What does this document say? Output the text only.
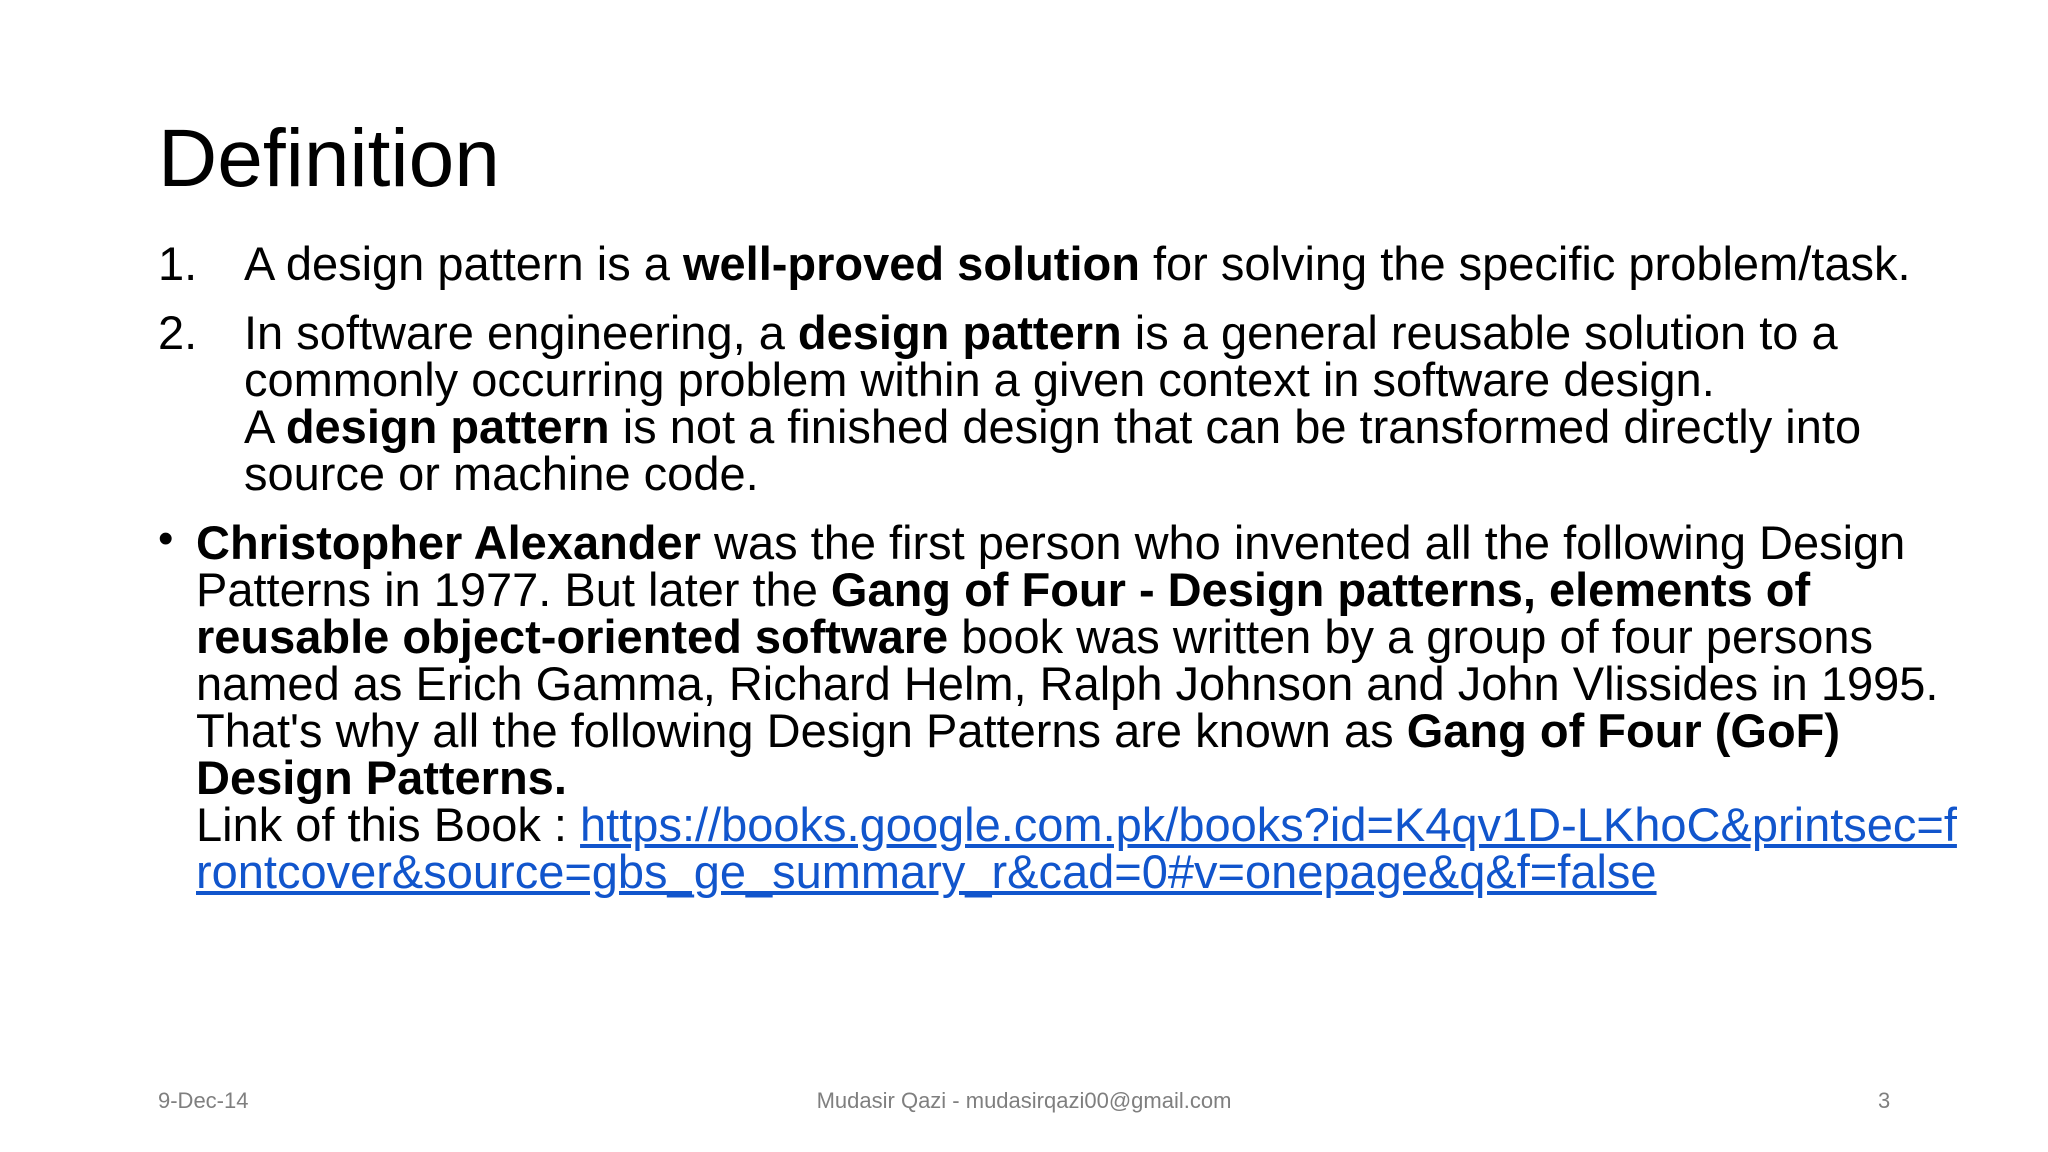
Definition
1. A design pattern is a well-proved solution for solving the specific problem/task.
2. In software engineering, a design pattern is a general reusable solution to a commonly occurring problem within a given context in software design.
A design pattern is not a finished design that can be transformed directly into source or machine code.
• Christopher Alexander was the first person who invented all the following Design Patterns in 1977. But later the Gang of Four - Design patterns, elements of reusable object-oriented software book was written by a group of four persons named as Erich Gamma, Richard Helm, Ralph Johnson and John Vlissides in 1995. That's why all the following Design Patterns are known as Gang of Four (GoF) Design Patterns.
Link of this Book : https://books.google.com.pk/books?id=K4qv1D-LKhoC&printsec=frontcover&source=gbs_ge_summary_r&cad=0#v=onepage&q&f=false
9-Dec-14	Mudasir Qazi - mudasirqazi00@gmail.com	3
